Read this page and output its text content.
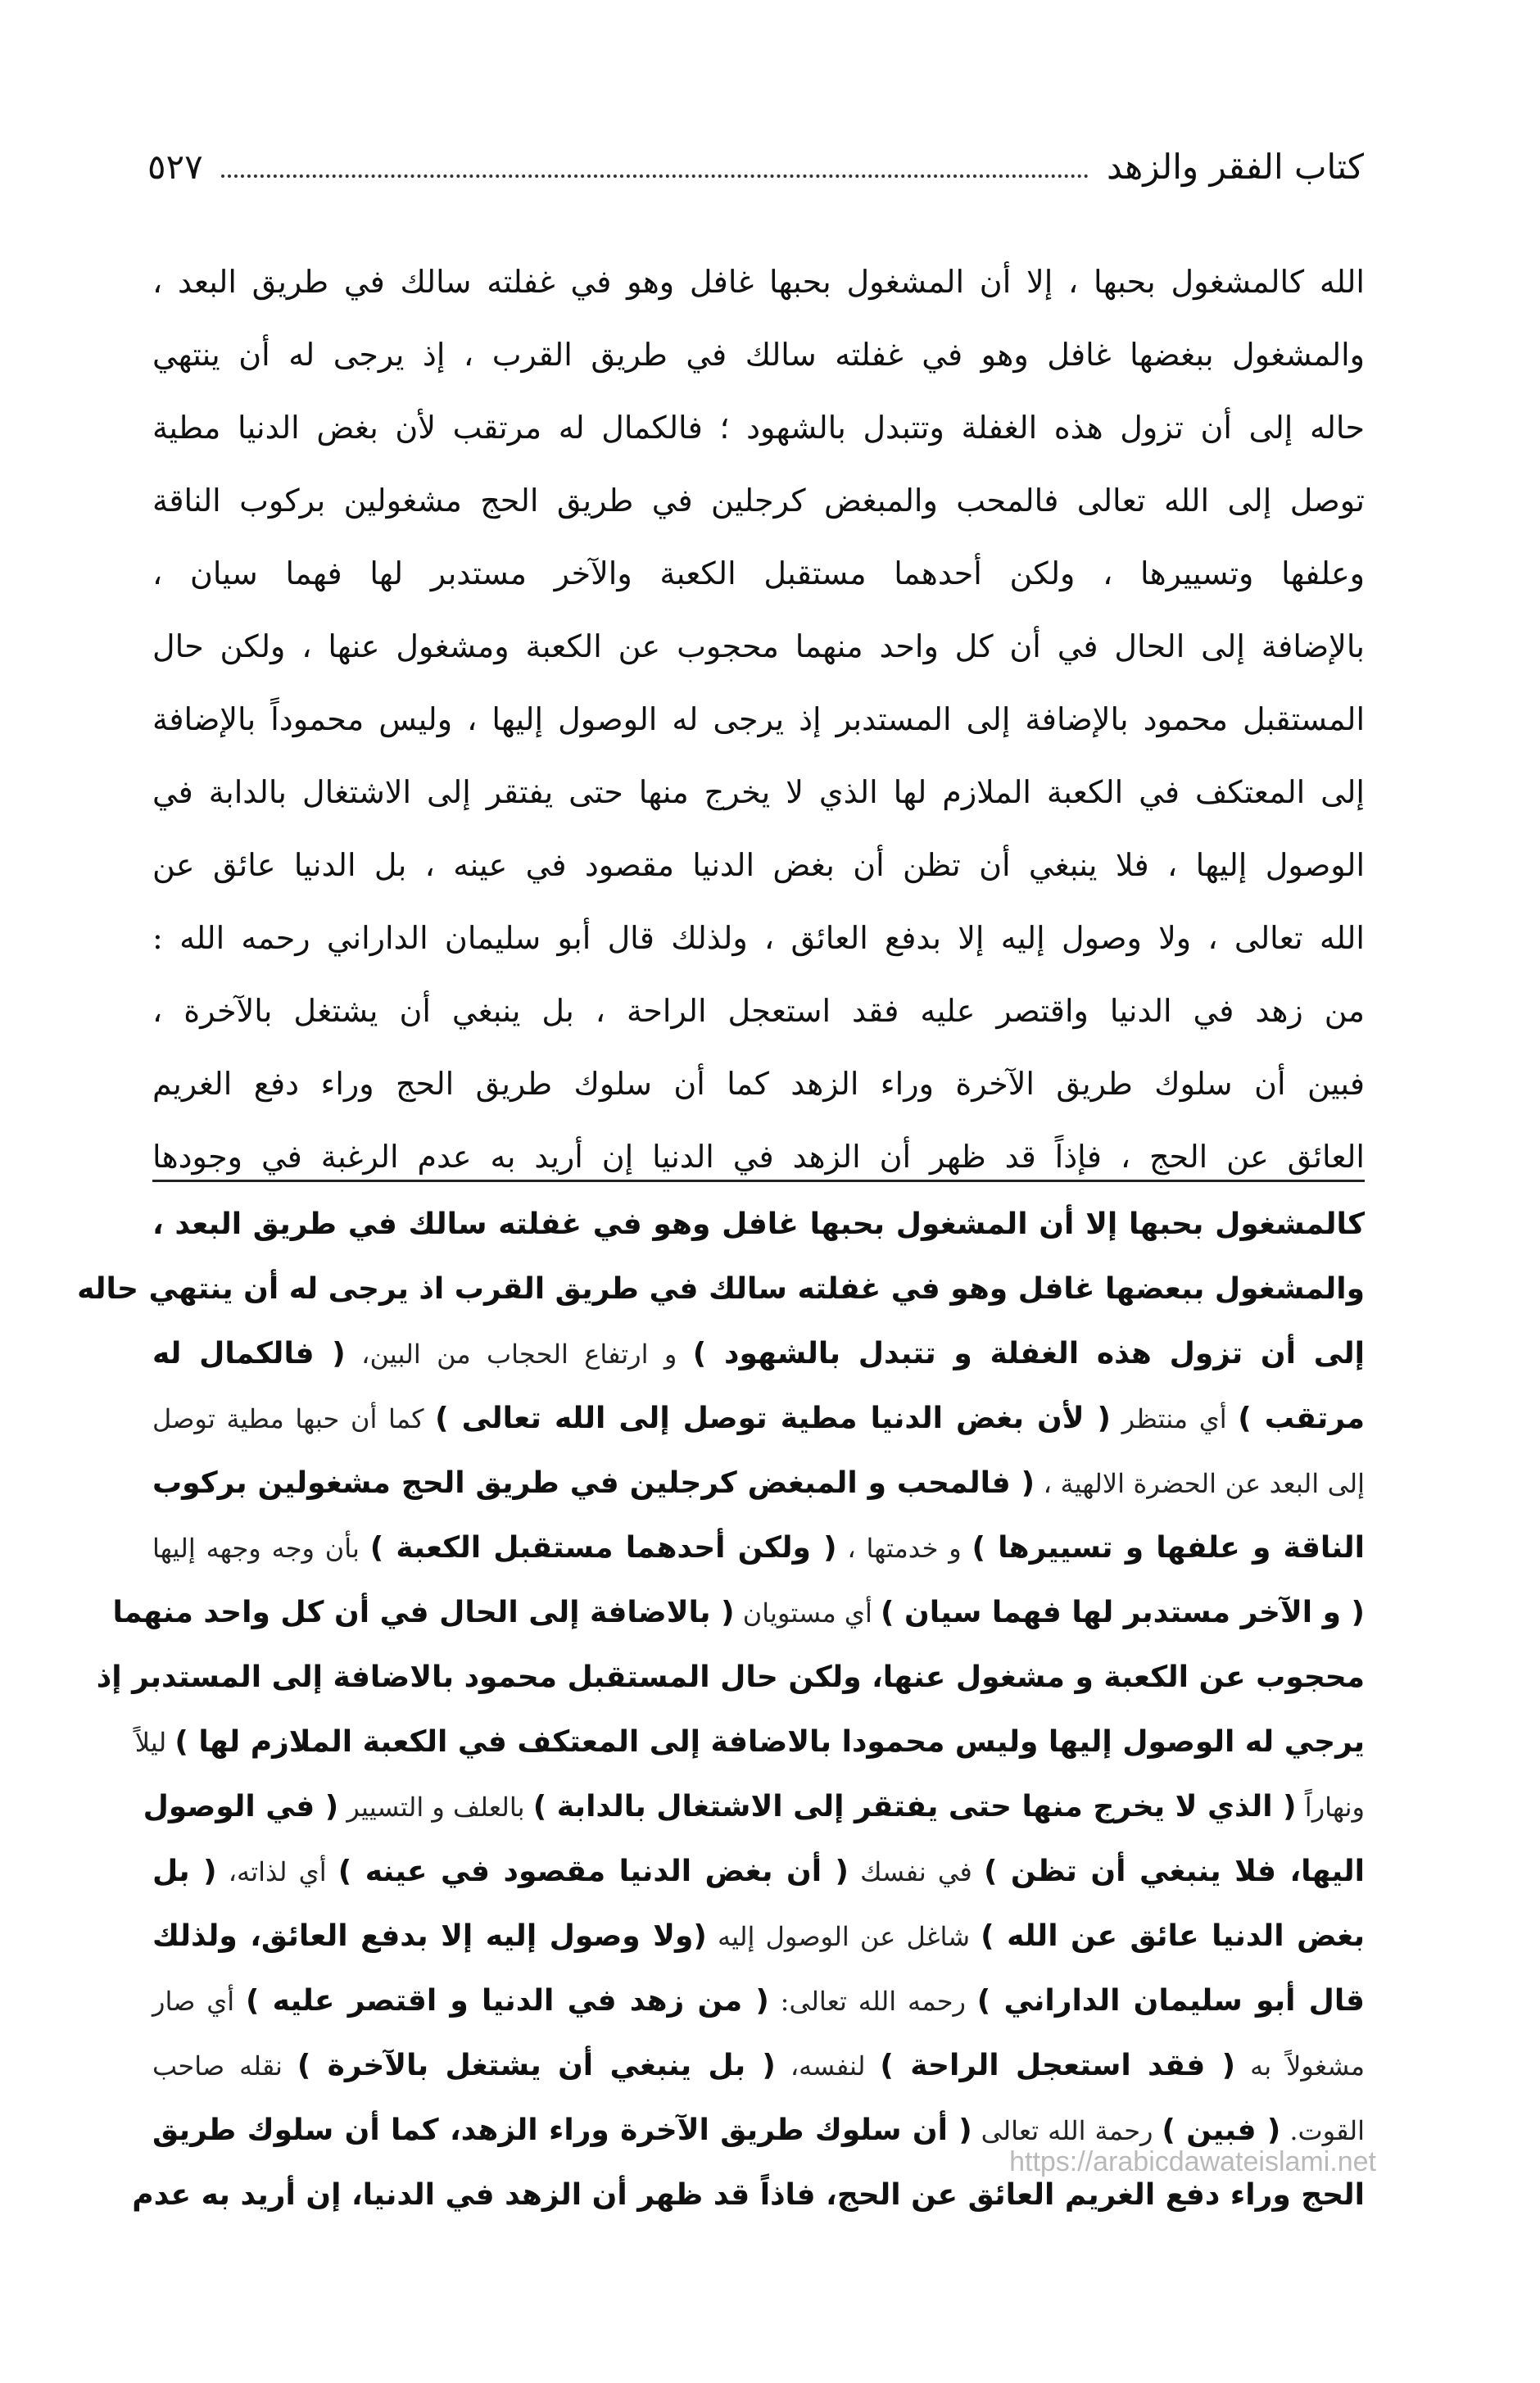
كتاب الفقر والزهد
٥٢٧
الله كالمشغول بحبها ، إلا أن المشغول بحبها غافل وهو في غفلته سالك في طريق البعد ،
والمشغول ببغضها غافل وهو في غفلته سالك في طريق القرب ، إذ يرجى له أن ينتهي
حاله إلى أن تزول هذه الغفلة وتتبدل بالشهود ؛ فالكمال له مرتقب لأن بغض الدنيا مطية
توصل إلى الله تعالى فالمحب والمبغض كرجلين في طريق الحج مشغولين بركوب الناقة
وعلفها وتسييرها ، ولكن أحدهما مستقبل الكعبة والآخر مستدبر لها فهما سيان ،
بالإضافة إلى الحال في أن كل واحد منهما محجوب عن الكعبة ومشغول عنها ، ولكن حال
المستقبل محمود بالإضافة إلى المستدبر إذ يرجى له الوصول إليها ، وليس محموداً بالإضافة
إلى المعتكف في الكعبة الملازم لها الذي لا يخرج منها حتى يفتقر إلى الاشتغال بالدابة في
الوصول إليها ، فلا ينبغي أن تظن أن بغض الدنيا مقصود في عينه ، بل الدنيا عائق عن
الله تعالى ، ولا وصول إليه إلا بدفع العائق ، ولذلك قال أبو سليمان الداراني رحمه الله :
من زهد في الدنيا واقتصر عليه فقد استعجل الراحة ، بل ينبغي أن يشتغل بالآخرة ،
فبين أن سلوك طريق الآخرة وراء الزهد كما أن سلوك طريق الحج وراء دفع الغريم
العائق عن الحج ، فإذاً قد ظهر أن الزهد في الدنيا إن أريد به عدم الرغبة في وجودها
كالمشغول بحبها إلا أن المشغول بحبها غافل وهو في غفلته سالك في طريق البعد ،
والمشغول ببعضها غافل وهو في غفلته سالك في طريق القرب اذ يرجى له أن ينتهي حاله
إلى أن تزول هذه الغفلة و تتبدل بالشهود ) و ارتفاع الحجاب من البين، ( فالكمال له
مرتقب ) أي منتظر ( لأن بغض الدنيا مطية توصل إلى الله تعالى ) كما أن حبها مطية توصل
إلى البعد عن الحضرة الالهية ، ( فالمحب و المبغض كرجلين في طريق الحج مشغولين بركوب
الناقة و علفها و تسييرها ) و خدمتها ، ( ولكن أحدهما مستقبل الكعبة ) بأن وجه وجهه إليها
( و الآخر مستدبر لها فهما سيان ) أي مستويان ( بالاضافة إلى الحال في أن كل واحد منهما
محجوب عن الكعبة و مشغول عنها، ولكن حال المستقبل محمود بالاضافة إلى المستدبر إذ
يرجي له الوصول إليها وليس محمودا بالاضافة إلى المعتكف في الكعبة الملازم لها ) ليلاً
ونهاراً ( الذي لا يخرج منها حتى يفتقر إلى الاشتغال بالدابة ) بالعلف و التسيير ( في الوصول
اليها، فلا ينبغي أن تظن ) في نفسك ( أن بغض الدنيا مقصود في عينه ) أي لذاته، ( بل
بغض الدنيا عائق عن الله ) شاغل عن الوصول إليه (ولا وصول إليه إلا بدفع العائق، ولذلك
قال أبو سليمان الداراني ) رحمه الله تعالى: ( من زهد في الدنيا و اقتصر عليه ) أي صار
مشغولاً به ( فقد استعجل الراحة ) لنفسه، ( بل ينبغي أن يشتغل بالآخرة ) نقله صاحب
القوت. ( فبين ) رحمة الله تعالى ( أن سلوك طريق الآخرة وراء الزهد، كما أن سلوك طريق
الحج وراء دفع الغريم العائق عن الحج، فاذاً قد ظهر أن الزهد في الدنيا، إن أريد به عدم
https://arabicdawateislami.net
